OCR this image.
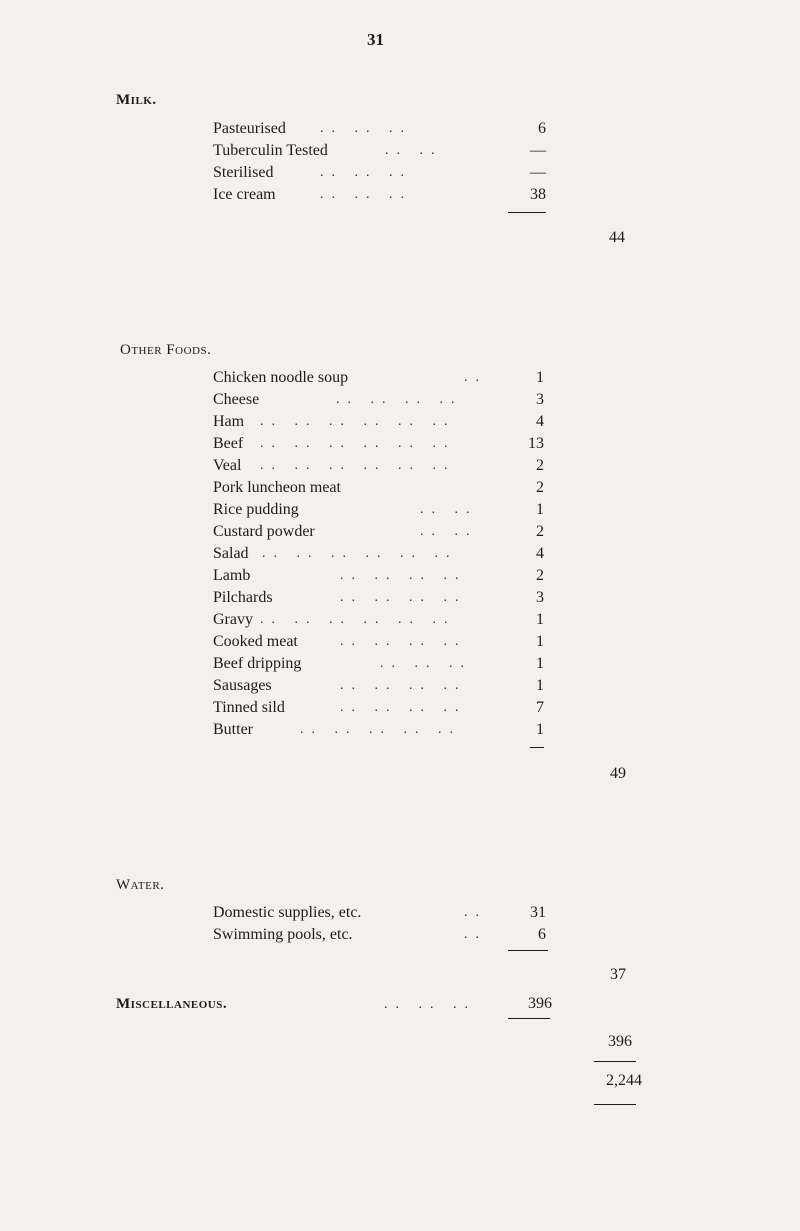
31
Milk.
Pasteurised .. .. ..	6
Tuberculin Tested	.. ..	—
Sterilised	.. .. ..	—
Ice cream	.. .. ..	38
44
Other Foods.
Chicken noodle soup	..	1
Cheese	.. .. .. ..	3
Ham .. .. .. .. .. ..	4
Beef .. .. .. .. .. ..	13
Veal .. .. .. .. .. ..	2
Pork luncheon meat	2
Rice pudding	.. ..	1
Custard powder	.. ..	2
Salad .. .. .. .. .. ..	4
Lamb	.. .. .. ..	2
Pilchards	.. .. .. ..	3
Gravy .. .. .. .. .. ..	1
Cooked meat	.. .. .. ..	1
Beef dripping	.. .. ..	1
Sausages	.. .. .. ..	1
Tinned sild	.. .. .. ..	7
Butter	.. .. .. .. ..	1
49
Water.
Domestic supplies, etc.	..	31
Swimming pools, etc.	..	6
37
Miscellaneous.	.. .. ..	396
396
2,244
